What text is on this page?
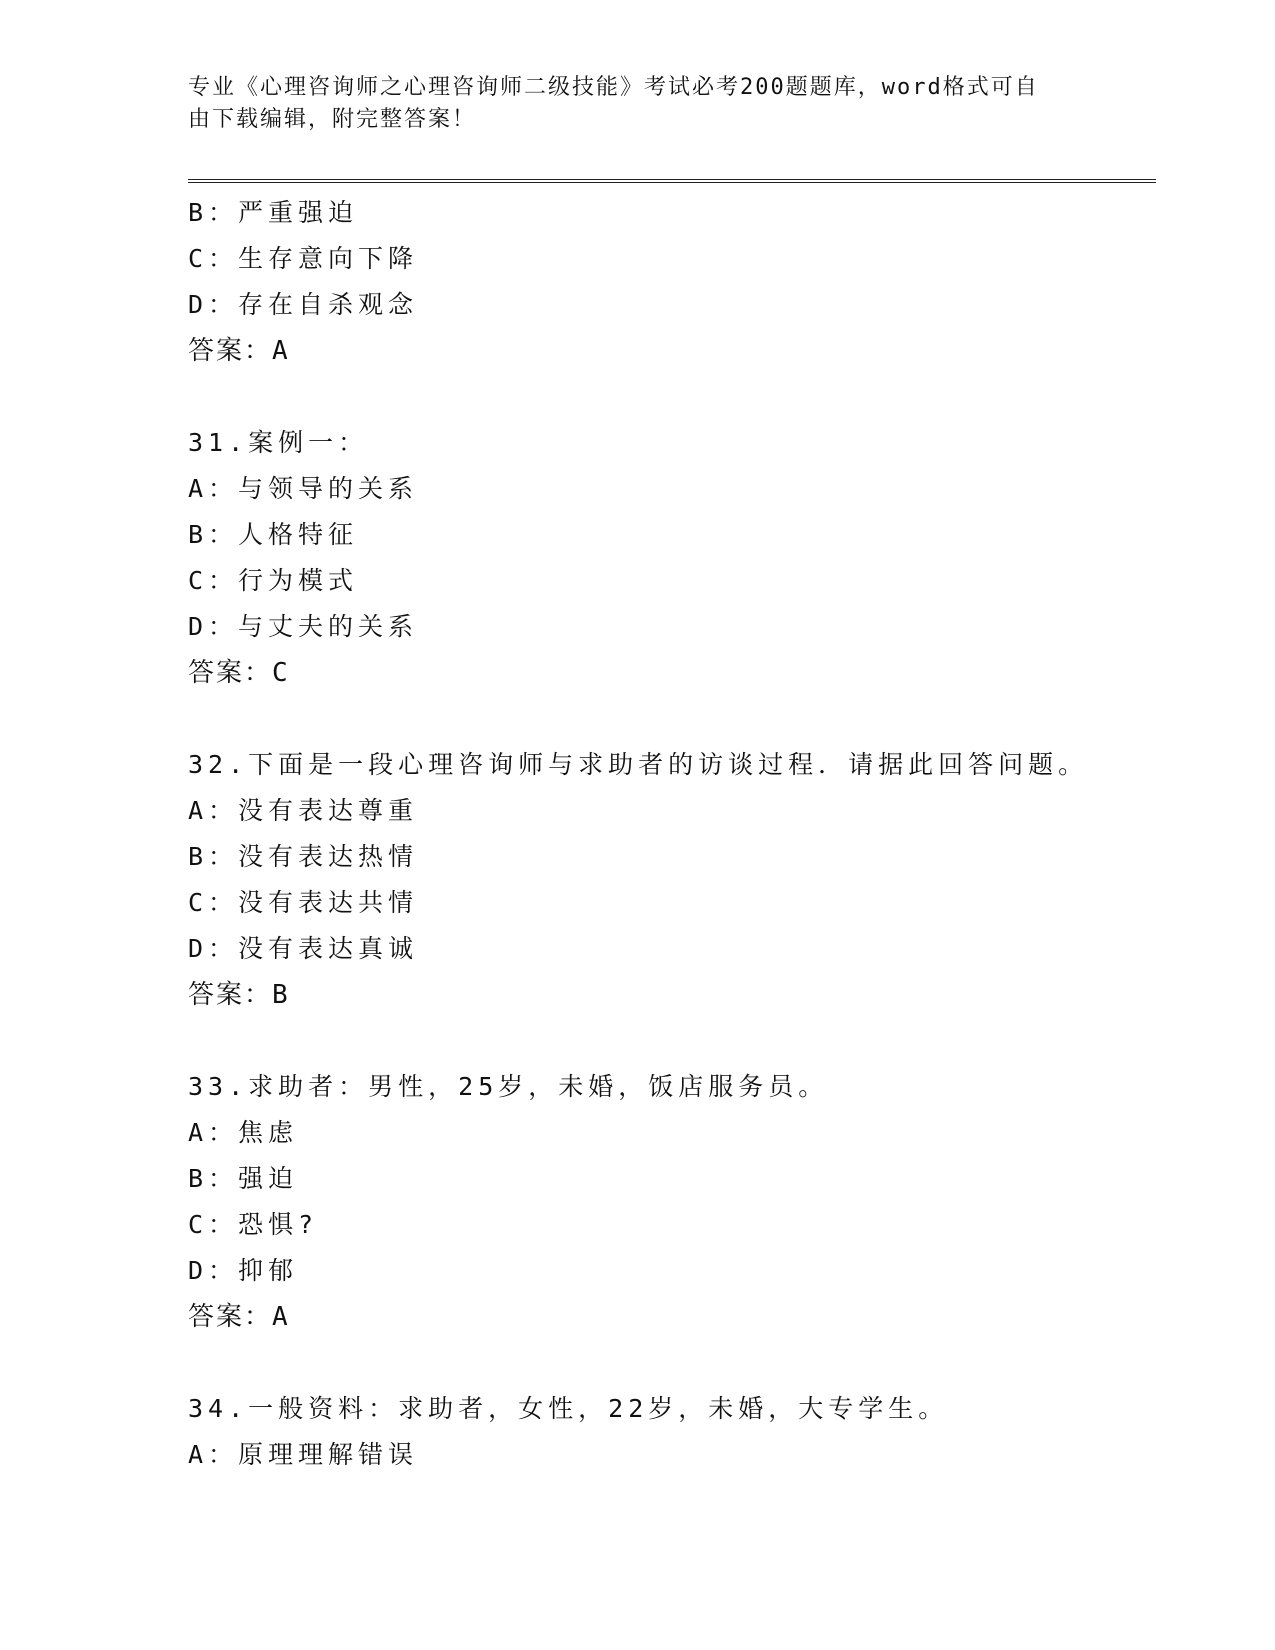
专业《心理咨询师之心理咨询师二级技能》考试必考200题题库，word格式可自
由下载编辑，附完整答案！
B：严重强迫
C：生存意向下降
D：存在自杀观念
答案：A
31.案例一：
A：与领导的关系
B：人格特征
C：行为模式
D：与丈夫的关系
答案：C
32.下面是一段心理咨询师与求助者的访谈过程．请据此回答问题。
A：没有表达尊重
B：没有表达热情
C：没有表达共情
D：没有表达真诚
答案：B
33.求助者：男性，25岁，未婚，饭店服务员。
A：焦虑
B：强迫
C：恐惧?
D：抑郁
答案：A
34.一般资料：求助者，女性，22岁，未婚，大专学生。
A：原理理解错误
